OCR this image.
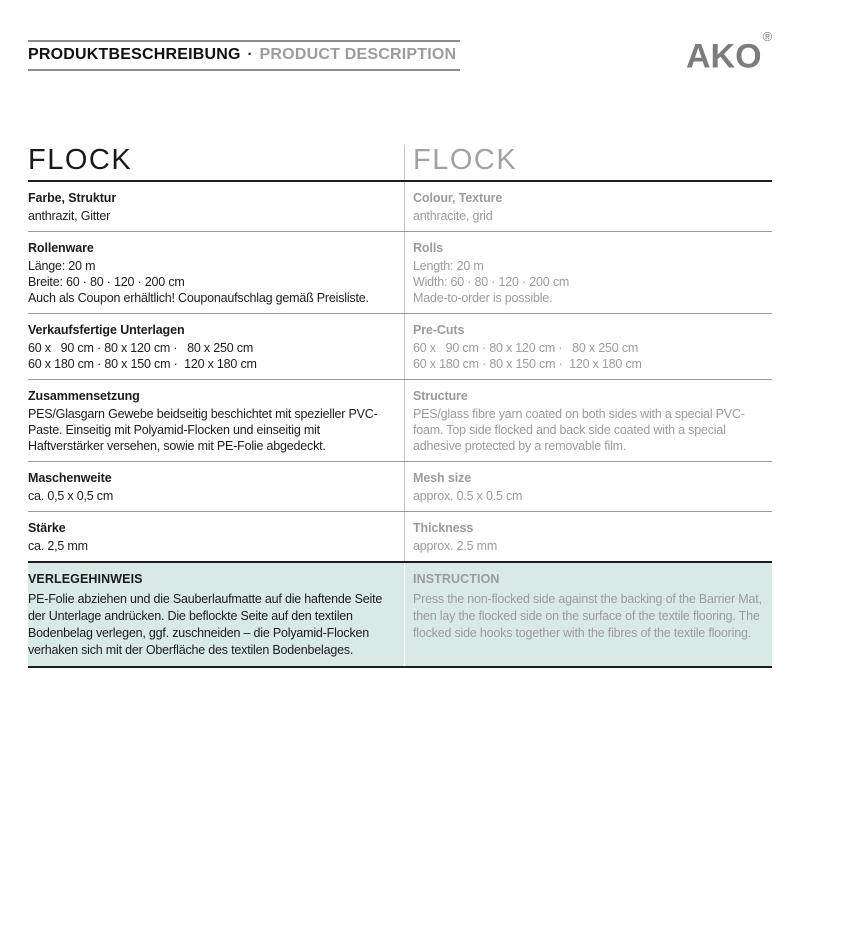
PRODUKTBESCHREIBUNG · PRODUCT DESCRIPTION	AKO®
FLOCK	FLOCK
Farbe, Struktur

anthrazit, Gitter

Colour, Texture

anthracite, grid

Rollenware

Länge: 20 m

Breite: 60 · 80 · 120 · 200 cm

Auch als Coupon erhältlich! Couponaufschlag gemäß Preisliste.

Rolls

Length: 20 m

Width: 60 · 80 · 120 · 200 cm

Made-to-order is possible.

Verkaufsfertige Unterlagen

60 x   90 cm · 80 x 120 cm ·   80 x 250 cm

60 x 180 cm · 80 x 150 cm ·  120 x 180 cm

Pre-Cuts

60 x   90 cm · 80 x 120 cm ·   80 x 250 cm

60 x 180 cm · 80 x 150 cm ·  120 x 180 cm

Zusammensetzung

PES/Glasgarn Gewebe beidseitig beschichtet mit spezieller PVC-Paste. Einseitig mit Polyamid-Flocken und einseitig mit Haftverstärker versehen, sowie mit PE-Folie abgedeckt.

Structure

PES/glass fibre yarn coated on both sides with a special PVC-foam. Top side flocked and back side coated with a special adhesive protected by a removable film.

Maschenweite

ca. 0,5 x 0,5 cm

Mesh size

approx. 0.5 x 0.5 cm

Stärke

ca. 2,5 mm

Thickness

approx. 2.5 mm

VERLEGEHINWEIS

PE-Folie abziehen und die Sauberlaufmatte auf die haftende Seite der Unterlage andrücken. Die beflockte Seite auf den textilen Bodenbelag verlegen, ggf. zuschneiden – die Polyamid-Flocken verhaken sich mit der Oberfläche des textilen Bodenbelages.

INSTRUCTION

Press the non-flocked side against the backing of the Barrier Mat, then lay the flocked side on the surface of the textile flooring. The flocked side hooks together with the fibres of the textile flooring.
